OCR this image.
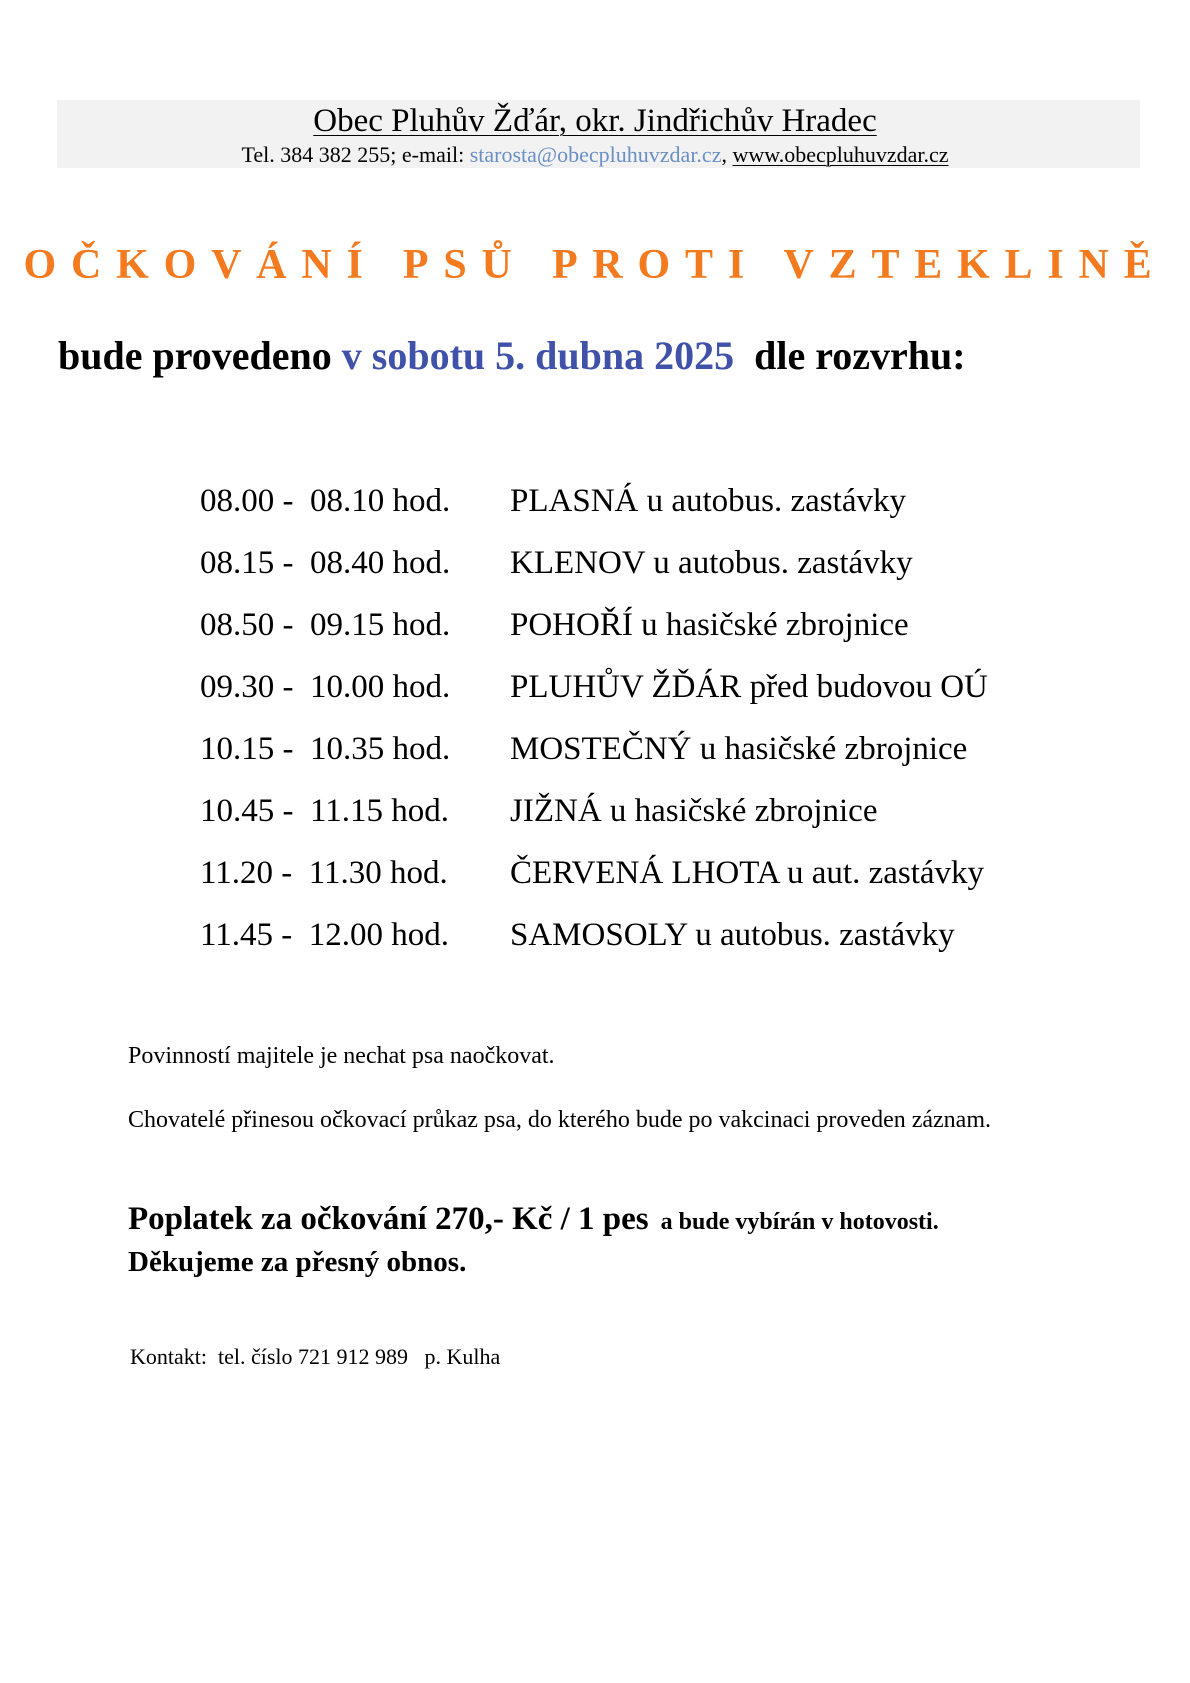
Obec Pluhův Žďár, okr. Jindřichův Hradec
Tel. 384 382 255; e-mail: starosta@obecpluhuvzdar.cz, www.obecpluhuvzdar.cz
OČKOVÁNÍ PSŮ PROTI VZTEKLINĚ
bude provedeno v sobotu 5. dubna 2025  dle rozvrhu:
08.00 -  08.10 hod. PLASNÁ u autobus. zastávky
08.15 -  08.40 hod. KLENOV u autobus. zastávky
08.50 -  09.15 hod. POHOŘÍ u hasičské zbrojnice
09.30 -  10.00 hod. PLUHŮV ŽĎÁR před budovou OÚ
10.15 -  10.35 hod. MOSTEČNÝ u hasičské zbrojnice
10.45 -  11.15 hod. JIŽNÁ u hasičské zbrojnice
11.20 -  11.30 hod. ČERVENÁ LHOTA u aut. zastávky
11.45 -  12.00 hod. SAMOSOLY u autobus. zastávky
Povinností majitele je nechat psa naočkovat.
Chovatelé přinesou očkovací průkaz psa, do kterého bude po vakcinaci proveden záznam.
Poplatek za očkování 270,- Kč / 1 pes a bude vybírán v hotovosti.
Děkujeme za přesný obnos.
Kontakt:  tel. číslo 721 912 989   p. Kulha
